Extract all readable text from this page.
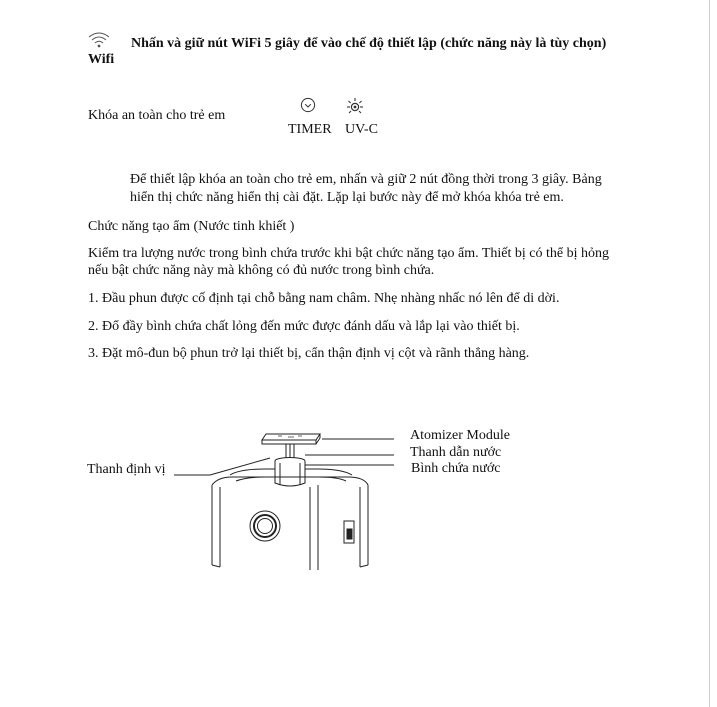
Wifi
Nhấn và giữ nút WiFi 5 giây để vào chế độ thiết lập (chức năng này là tùy chọn)
Khóa an toàn cho trẻ em
TIMER UV-C
Để thiết lập khóa an toàn cho trẻ em, nhấn và giữ 2 nút đồng thời trong 3 giây. Bảng
hiển thị chức năng hiển thị cài đặt. Lặp lại bước này để mở khóa khóa trẻ em.
Chức năng tạo ẩm (Nước tinh khiết )
Kiểm tra lượng nước trong bình chứa trước khi bật chức năng tạo ẩm. Thiết bị có thể bị hỏng
nếu bật chức năng này mà không có đủ nước trong bình chứa.
1. Đầu phun được cố định tại chỗ bằng nam châm. Nhẹ nhàng nhấc nó lên để di dời.
2. Đổ đầy bình chứa chất lỏng đến mức được đánh dấu và lắp lại vào thiết bị.
3. Đặt mô-đun bộ phun trở lại thiết bị, cẩn thận định vị cột và rãnh thẳng hàng.
Atomizer Module
Thanh dẫn nước
Bình chứa nước
Thanh định vị
